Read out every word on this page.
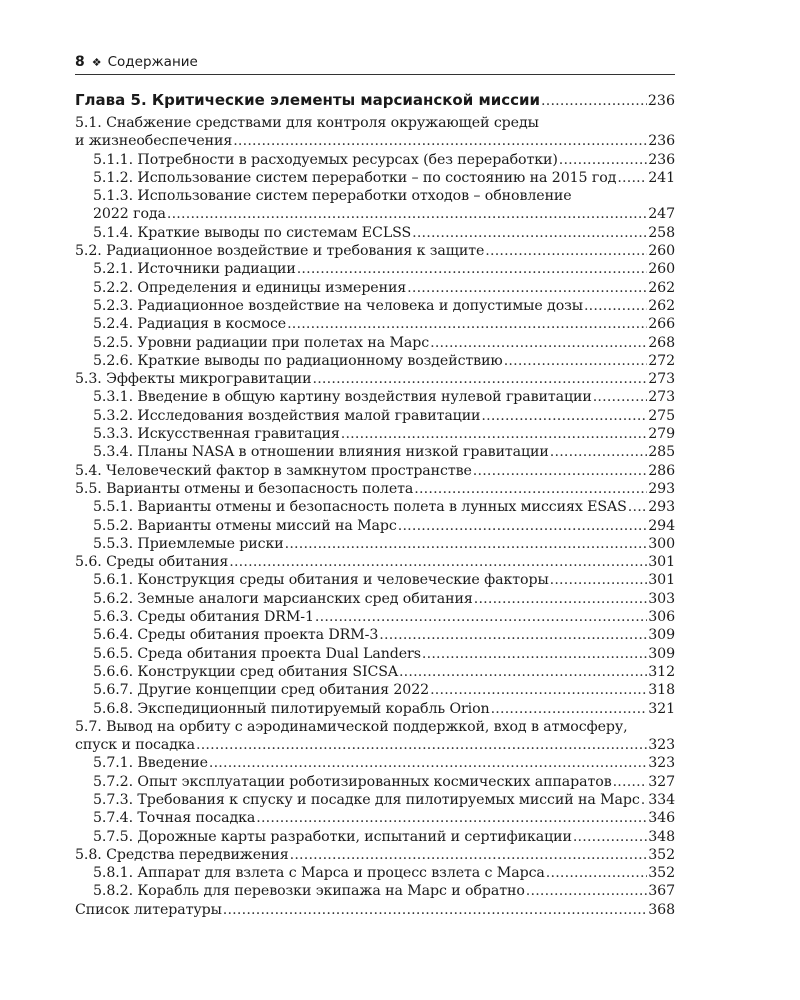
8 ❖ Содержание
Глава 5. Критические элементы марсианской миссии .....	236
5.1. Снабжение средствами для контроля окружающей среды
и жизнеобеспечения .....	236
5.1.1. Потребности в расходуемых ресурсах (без переработки) .....	236
5.1.2. Использование систем переработки – по состоянию на 2015 год ..... 241
5.1.3. Использование систем переработки отходов – обновление
2022 года .....	247
5.1.4. Краткие выводы по системам ECLSS .....	258
5.2. Радиационное воздействие и требования к защите .....	260
5.2.1. Источники радиации .....	260
5.2.2. Определения и единицы измерения .....	262
5.2.3. Радиационное воздействие на человека и допустимые дозы .....	262
5.2.4. Радиация в космосе .....	266
5.2.5. Уровни радиации при полетах на Марс .....	268
5.2.6. Краткие выводы по радиационному воздействию .....	272
5.3. Эффекты микрогравитации .....	273
5.3.1. Введение в общую картину воздействия нулевой гравитации .....	273
5.3.2. Исследования воздействия малой гравитации .....	275
5.3.3. Искусственная гравитация .....	279
5.3.4. Планы NASA в отношении влияния низкой гравитации .....	285
5.4. Человеческий фактор в замкнутом пространстве .....	286
5.5. Варианты отмены и безопасность полета .....	293
5.5.1. Варианты отмены и безопасность полета в лунных миссиях ESAS ..... 293
5.5.2. Варианты отмены миссий на Марс .....	294
5.5.3. Приемлемые риски .....	300
5.6. Среды обитания .....	301
5.6.1. Конструкция среды обитания и человеческие факторы .....	301
5.6.2. Земные аналоги марсианских сред обитания .....	303
5.6.3. Среды обитания DRM-1 .....	306
5.6.4. Среды обитания проекта DRM-3 .....	309
5.6.5. Среда обитания проекта Dual Landers .....	309
5.6.6. Конструкции сред обитания SICSA .....	312
5.6.7. Другие концепции сред обитания 2022 .....	318
5.6.8. Экспедиционный пилотируемый корабль Orion .....	321
5.7. Вывод на орбиту с аэродинамической поддержкой, вход в атмосферу,
спуск и посадка .....	323
5.7.1. Введение .....	323
5.7.2. Опыт эксплуатации роботизированных космических аппаратов .....	327
5.7.3. Требования к спуску и посадке для пилотируемых миссий на Марс ..... 334
5.7.4. Точная посадка .....	346
5.7.5. Дорожные карты разработки, испытаний и сертификации .....	348
5.8. Средства передвижения .....	352
5.8.1. Аппарат для взлета с Марса и процесс взлета с Марса .....	352
5.8.2. Корабль для перевозки экипажа на Марс и обратно .....	367
Список литературы .....	368
